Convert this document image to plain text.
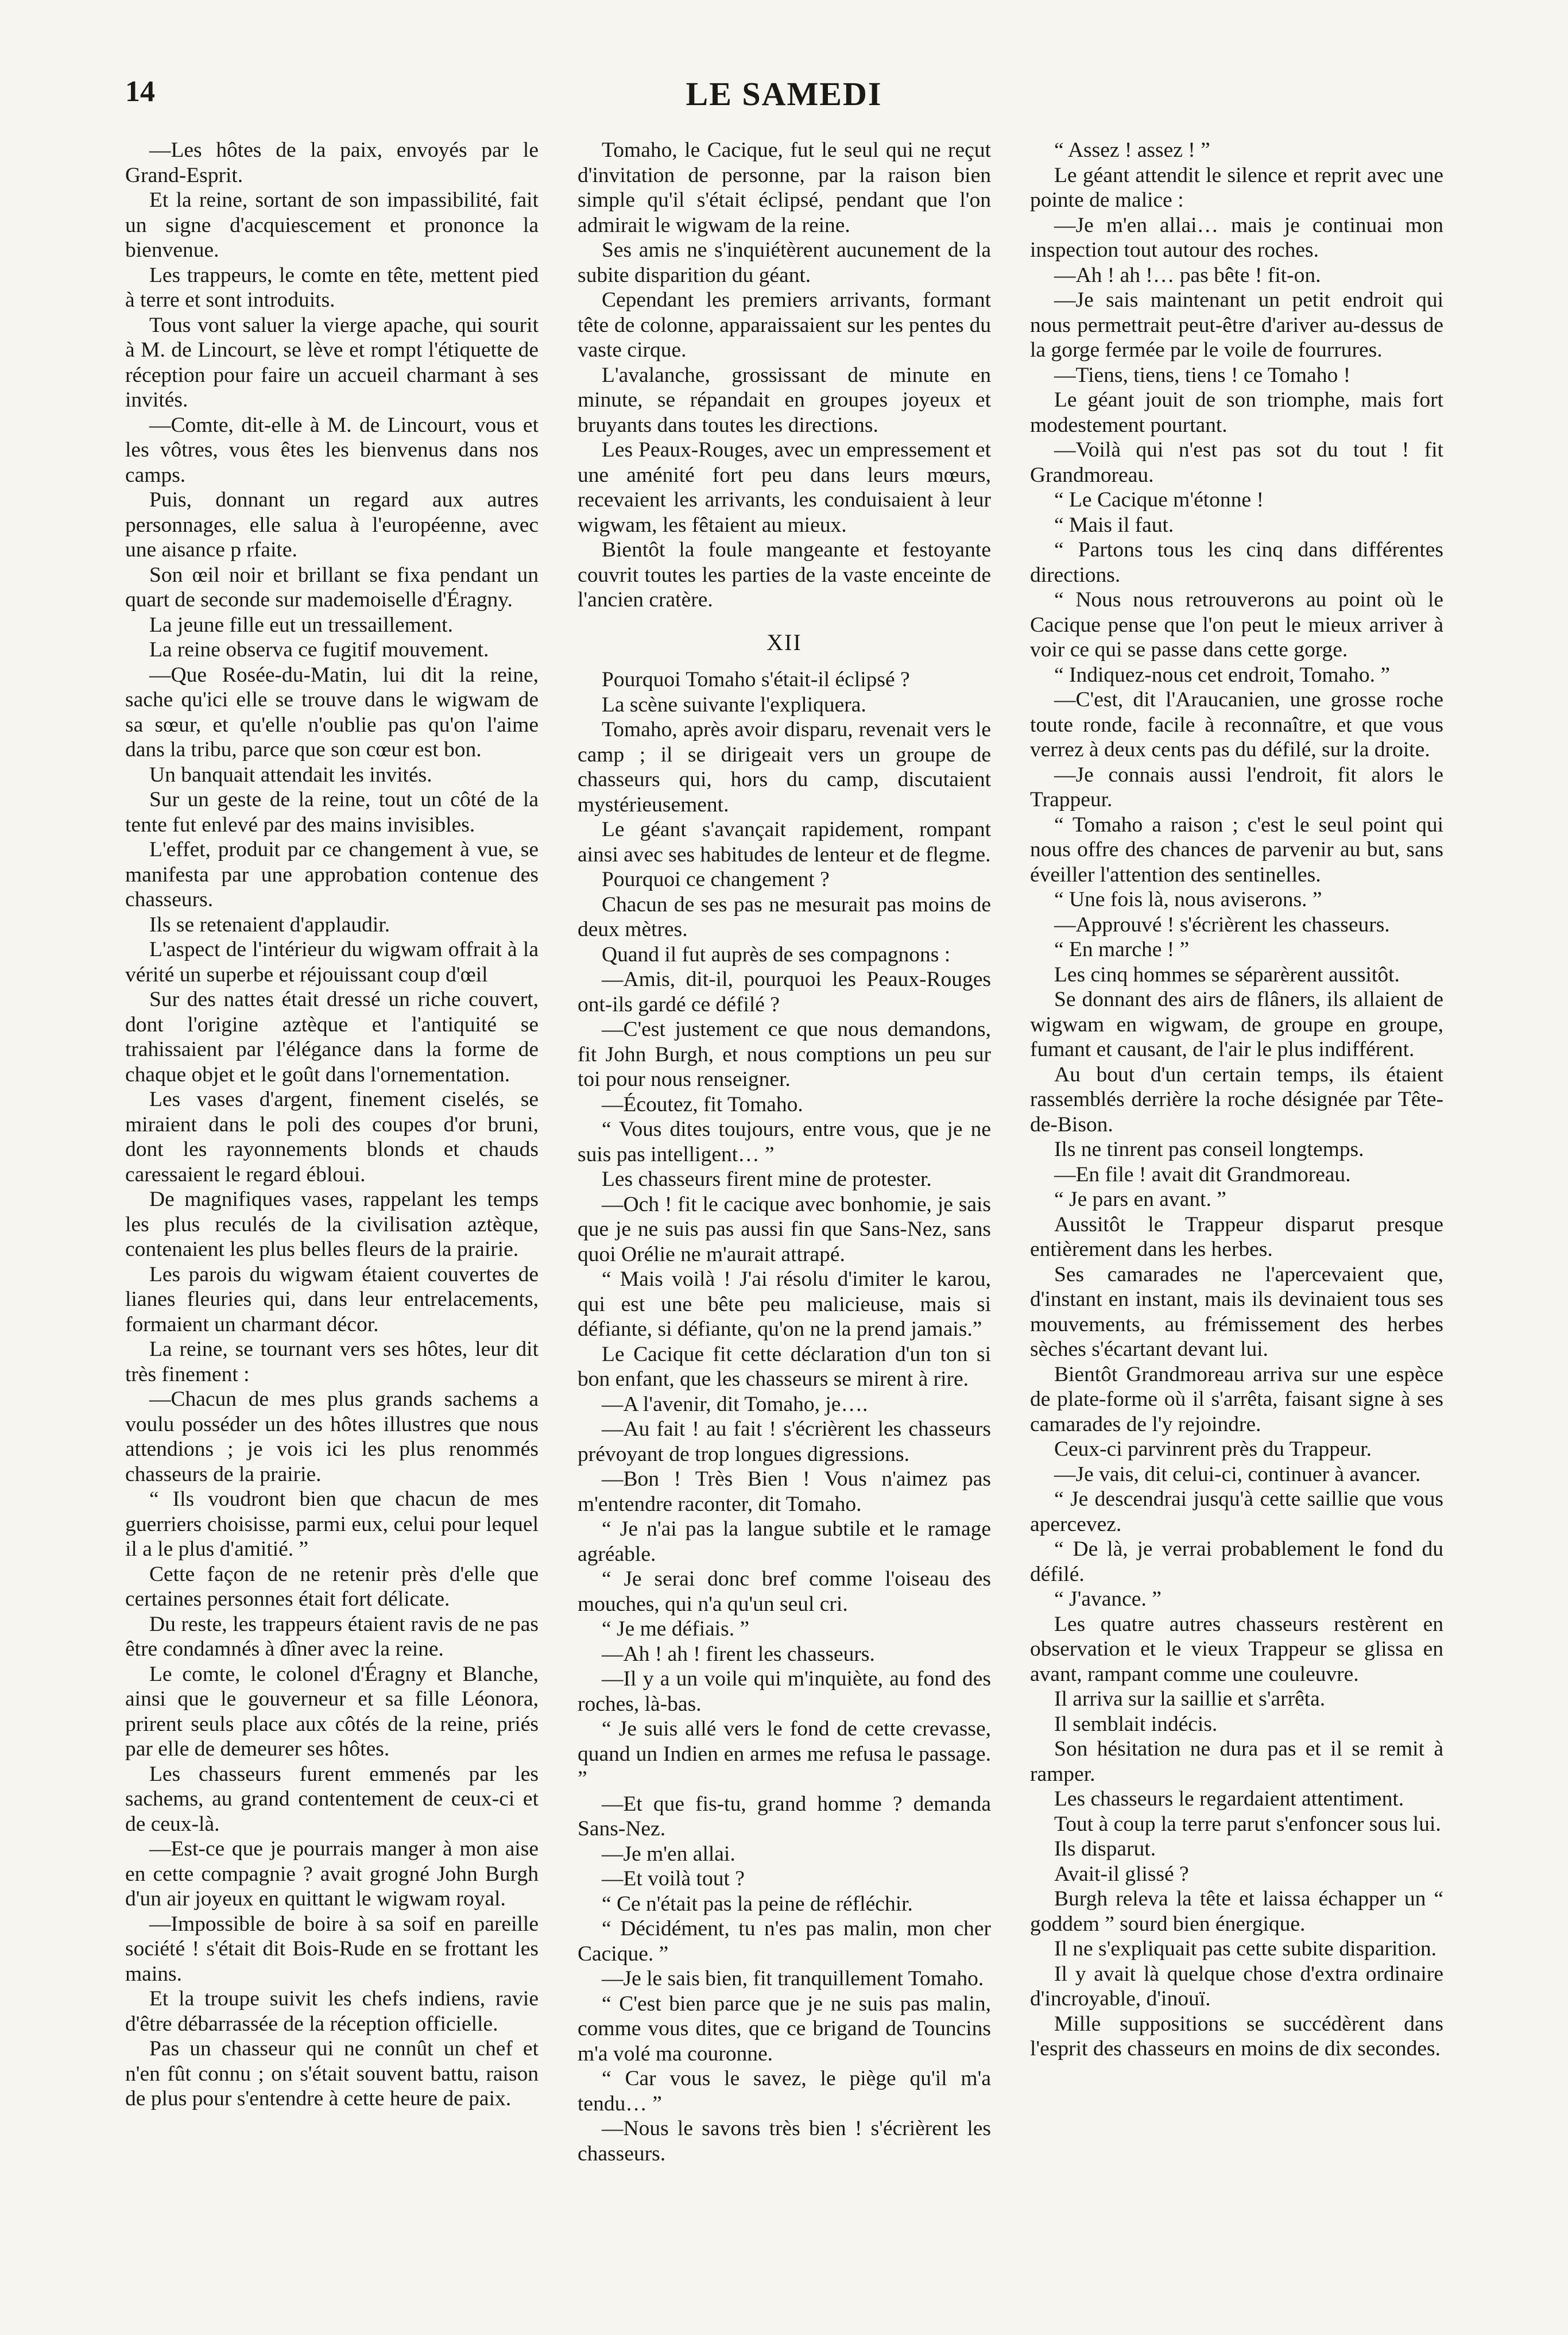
14	LE SAMEDI

—Les hôtes de la paix, envoyés par le Grand-Esprit.

Et la reine, sortant de son impassibilité, fait un signe d'acquiescement et prononce la bienvenue.

Les trappeurs, le comte en tête, mettent pied à terre et sont introduits.

Tous vont saluer la vierge apache, qui sourit à M. de Lincourt, se lève et rompt l'étiquette de réception pour faire un accueil charmant à ses invités.

—Comte, dit-elle à M. de Lincourt, vous et les vôtres, vous êtes les bienvenus dans nos camps.

Puis, donnant un regard aux autres personnages, elle salua à l'européenne, avec une aisance p rfaite.

Son œil noir et brillant se fixa pendant un quart de seconde sur mademoiselle d'Éragny.

La jeune fille eut un tressaillement.

La reine observa ce fugitif mouvement.

—Que Rosée-du-Matin, lui dit la reine, sache qu'ici elle se trouve dans le wigwam de sa sœur, et qu'elle n'oublie pas qu'on l'aime dans la tribu, parce que son cœur est bon.

Un banquait attendait les invités.

Sur un geste de la reine, tout un côté de la tente fut enlevé par des mains invisibles.

L'effet, produit par ce changement à vue, se manifesta par une approbation contenue des chasseurs.

Ils se retenaient d'applaudir.

L'aspect de l'intérieur du wigwam offrait à la vérité un superbe et réjouissant coup d'œil

Sur des nattes était dressé un riche couvert, dont l'origine aztèque et l'antiquité se trahissaient par l'élégance dans la forme de chaque objet et le goût dans l'ornementation.

Les vases d'argent, finement ciselés, se miraient dans le poli des coupes d'or bruni, dont les rayonnements blonds et chauds caressaient le regard ébloui.

De magnifiques vases, rappelant les temps les plus reculés de la civilisation aztèque, contenaient les plus belles fleurs de la prairie.

Les parois du wigwam étaient couvertes de lianes fleuries qui, dans leur entrelacements, formaient un charmant décor.

La reine, se tournant vers ses hôtes, leur dit très finement :

—Chacun de mes plus grands sachems a voulu posséder un des hôtes illustres que nous attendions ; je vois ici les plus renommés chasseurs de la prairie.

“ Ils voudront bien que chacun de mes guerriers choisisse, parmi eux, celui pour lequel il a le plus d'amitié. ”

Cette façon de ne retenir près d'elle que certaines personnes était fort délicate.

Du reste, les trappeurs étaient ravis de ne pas être condamnés à dîner avec la reine.

Le comte, le colonel d'Éragny et Blanche, ainsi que le gouverneur et sa fille Léonora, prirent seuls place aux côtés de la reine, priés par elle de demeurer ses hôtes.

Les chasseurs furent emmenés par les sachems, au grand contentement de ceux-ci et de ceux-là.

—Est-ce que je pourrais manger à mon aise en cette compagnie ? avait grogné John Burgh d'un air joyeux en quittant le wigwam royal.

—Impossible de boire à sa soif en pareille société ! s'était dit Bois-Rude en se frottant les mains.

Et la troupe suivit les chefs indiens, ravie d'être débarrassée de la réception officielle.

Pas un chasseur qui ne connût un chef et n'en fût connu ; on s'était souvent battu, raison de plus pour s'entendre à cette heure de paix.

Tomaho, le Cacique, fut le seul qui ne reçut d'invitation de personne, par la raison bien simple qu'il s'était éclipsé, pendant que l'on admirait le wigwam de la reine.

Ses amis ne s'inquiétèrent aucunement de la subite disparition du géant.

Cependant les premiers arrivants, formant tête de colonne, apparaissaient sur les pentes du vaste cirque.

L'avalanche, grossissant de minute en minute, se répandait en groupes joyeux et bruyants dans toutes les directions.

Les Peaux-Rouges, avec un empressement et une aménité fort peu dans leurs mœurs, recevaient les arrivants, les conduisaient à leur wigwam, les fêtaient au mieux.

Bientôt la foule mangeante et festoyante couvrit toutes les parties de la vaste enceinte de l'ancien cratère.

XII

Pourquoi Tomaho s'était-il éclipsé ?

La scène suivante l'expliquera.

Tomaho, après avoir disparu, revenait vers le camp ; il se dirigeait vers un groupe de chasseurs qui, hors du camp, discutaient mystérieusement.

Le géant s'avançait rapidement, rompant ainsi avec ses habitudes de lenteur et de flegme.

Pourquoi ce changement ?

Chacun de ses pas ne mesurait pas moins de deux mètres.

Quand il fut auprès de ses compagnons :

—Amis, dit-il, pourquoi les Peaux-Rouges ont-ils gardé ce défilé ?

—C'est justement ce que nous demandons, fit John Burgh, et nous comptions un peu sur toi pour nous renseigner.

—Écoutez, fit Tomaho.

“ Vous dites toujours, entre vous, que je ne suis pas intelligent… ”

Les chasseurs firent mine de protester.

—Och ! fit le cacique avec bonhomie, je sais que je ne suis pas aussi fin que Sans-Nez, sans quoi Orélie ne m'aurait attrapé.

“ Mais voilà ! J'ai résolu d'imiter le karou, qui est une bête peu malicieuse, mais si défiante, si défiante, qu'on ne la prend jamais.”

Le Cacique fit cette déclaration d'un ton si bon enfant, que les chasseurs se mirent à rire.

—A l'avenir, dit Tomaho, je….

—Au fait ! au fait ! s'écrièrent les chasseurs prévoyant de trop longues digressions.

—Bon ! Très Bien ! Vous n'aimez pas m'entendre raconter, dit Tomaho.

“ Je n'ai pas la langue subtile et le ramage agréable.

“ Je serai donc bref comme l'oiseau des mouches, qui n'a qu'un seul cri.

“ Je me défiais. ”

—Ah ! ah ! firent les chasseurs.

—Il y a un voile qui m'inquiète, au fond des roches, là-bas.

“ Je suis allé vers le fond de cette crevasse, quand un Indien en armes me refusa le passage. ”

—Et que fis-tu, grand homme ? demanda Sans-Nez.

—Je m'en allai.

—Et voilà tout ?

“ Ce n'était pas la peine de réfléchir.

“ Décidément, tu n'es pas malin, mon cher Cacique. ”

—Je le sais bien, fit tranquillement Tomaho.

“ C'est bien parce que je ne suis pas malin, comme vous dites, que ce brigand de Touncins m'a volé ma couronne.

“ Car vous le savez, le piège qu'il m'a tendu… ”

—Nous le savons très bien ! s'écrièrent les chasseurs.

“ Assez ! assez ! ”

Le géant attendit le silence et reprit avec une pointe de malice :

—Je m'en allai… mais je continuai mon inspection tout autour des roches.

—Ah ! ah !… pas bête ! fit-on.

—Je sais maintenant un petit endroit qui nous permettrait peut-être d'ariver au-dessus de la gorge fermée par le voile de fourrures.

—Tiens, tiens, tiens ! ce Tomaho !

Le géant jouit de son triomphe, mais fort modestement pourtant.

—Voilà qui n'est pas sot du tout ! fit Grandmoreau.

“ Le Cacique m'étonne !

“ Mais il faut.

“ Partons tous les cinq dans différentes directions.

“ Nous nous retrouverons au point où le Cacique pense que l'on peut le mieux arriver à voir ce qui se passe dans cette gorge.

“ Indiquez-nous cet endroit, Tomaho. ”

—C'est, dit l'Araucanien, une grosse roche toute ronde, facile à reconnaître, et que vous verrez à deux cents pas du défilé, sur la droite.

—Je connais aussi l'endroit, fit alors le Trappeur.

“ Tomaho a raison ; c'est le seul point qui nous offre des chances de parvenir au but, sans éveiller l'attention des sentinelles.

“ Une fois là, nous aviserons. ”

—Approuvé ! s'écrièrent les chasseurs.

“ En marche ! ”

Les cinq hommes se séparèrent aussitôt.

Se donnant des airs de flâners, ils allaient de wigwam en wigwam, de groupe en groupe, fumant et causant, de l'air le plus indifférent.

Au bout d'un certain temps, ils étaient rassemblés derrière la roche désignée par Tête-de-Bison.

Ils ne tinrent pas conseil longtemps.

—En file ! avait dit Grandmoreau.

“ Je pars en avant. ”

Aussitôt le Trappeur disparut presque entièrement dans les herbes.

Ses camarades ne l'apercevaient que, d'instant en instant, mais ils devinaient tous ses mouvements, au frémissement des herbes sèches s'écartant devant lui.

Bientôt Grandmoreau arriva sur une espèce de plate-forme où il s'arrêta, faisant signe à ses camarades de l'y rejoindre.

Ceux-ci parvinrent près du Trappeur.

—Je vais, dit celui-ci, continuer à avancer.

“ Je descendrai jusqu'à cette saillie que vous apercevez.

“ De là, je verrai probablement le fond du défilé.

“ J'avance. ”

Les quatre autres chasseurs restèrent en observation et le vieux Trappeur se glissa en avant, rampant comme une couleuvre.

Il arriva sur la saillie et s'arrêta.

Il semblait indécis.

Son hésitation ne dura pas et il se remit à ramper.

Les chasseurs le regardaient attentiment.

Tout à coup la terre parut s'enfoncer sous lui.

Ils disparut.

Avait-il glissé ?

Burgh releva la tête et laissa échapper un “ goddem ” sourd bien énergique.

Il ne s'expliquait pas cette subite disparition.

Il y avait là quelque chose d'extra ordinaire d'incroyable, d'inouï.

Mille suppositions se succédèrent dans l'esprit des chasseurs en moins de dix secondes.
